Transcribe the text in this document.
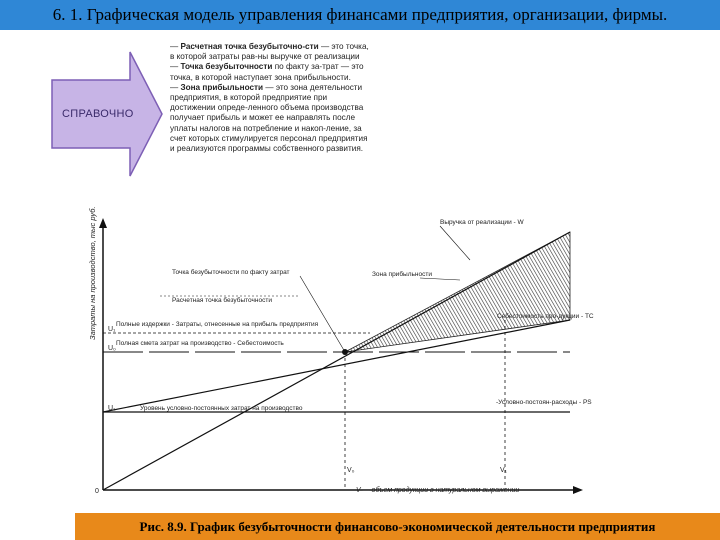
6. 1. Графическая модель управления финансами предприятия, организации, фирмы.
СПРАВОЧНО

— Расчетная точка безубыточно-сти — это точка, в которой затраты рав-ны выручке от реализации

— Точка безубыточности по факту за-трат — это точка, в которой наступает зона прибыльности.

— Зона прибыльности — это зона деятельности предприятия, в которой предприятие при достижении опреде-ленного объема производства получает прибыль и может ее направлять после уплаты налогов на потребление и накоп-ление, за счет которых стимулируется персонал предприятия и реализуются программы собственного развития.

Затраты на производство, тыс руб.
0	V — объем продукции в натуральном выражении
V₀	V₁
U₁
U₀
U₁
Выручка от реализации - W
Зона прибыльности
Точка безубыточности по факту затрат
Расчетная точка безубыточности
Полные издержки - Затраты, отнесенные на прибыль предприятия
Полная смета затрат на производство - Себестоимость
Уровень условно-постоянных затрат на производство
Себестоимость про-дукции - TC
-Условно-постоян-расходы - PS
Рис. 8.9. График безубыточности финансово-экономической деятельности предприятия
